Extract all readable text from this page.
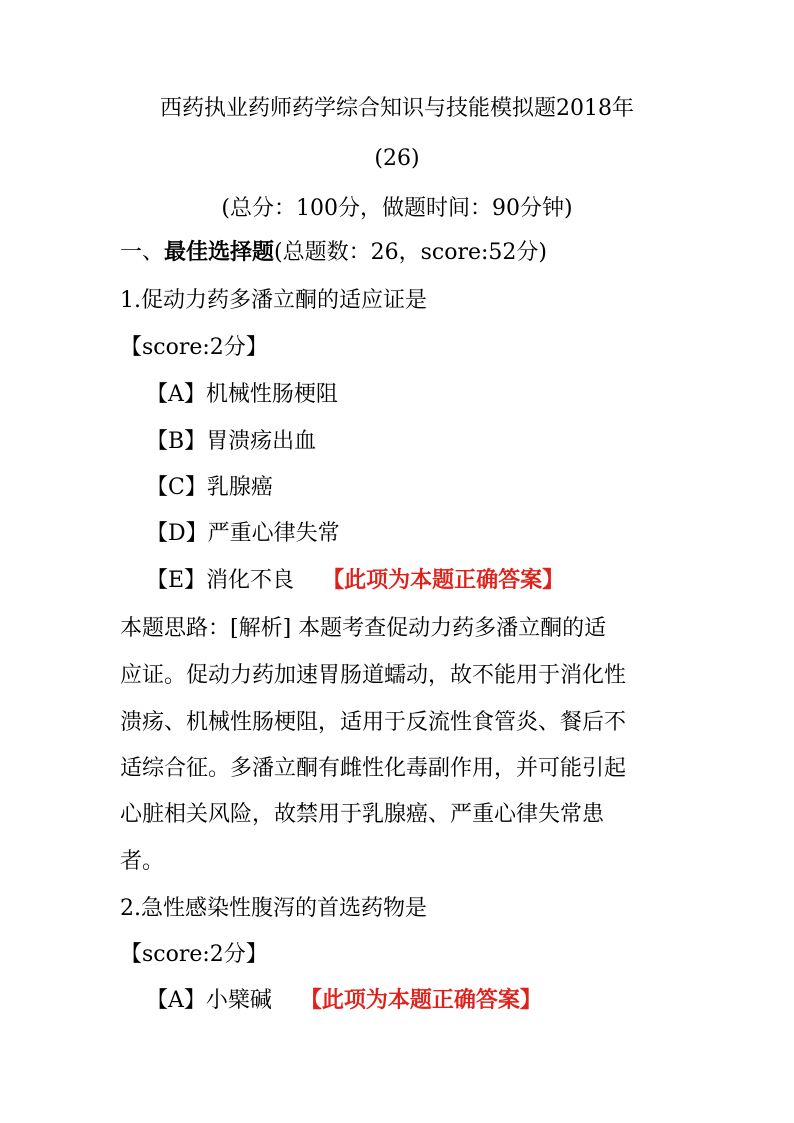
西药执业药师药学综合知识与技能模拟题2018年
(26)
(总分：100分，做题时间：90分钟)
一、最佳选择题(总题数：26，score:52分)
1.促动力药多潘立酮的适应证是
【score:2分】
【A】机械性肠梗阻
【B】胃溃疡出血
【C】乳腺癌
【D】严重心律失常
【E】消化不良 【此项为本题正确答案】
本题思路：[解析] 本题考查促动力药多潘立酮的适
应证。促动力药加速胃肠道蠕动，故不能用于消化性
溃疡、机械性肠梗阻，适用于反流性食管炎、餐后不
适综合征。多潘立酮有雌性化毒副作用，并可能引起
心脏相关风险，故禁用于乳腺癌、严重心律失常患
者。
2.急性感染性腹泻的首选药物是
【score:2分】
【A】小檗碱 【此项为本题正确答案】
